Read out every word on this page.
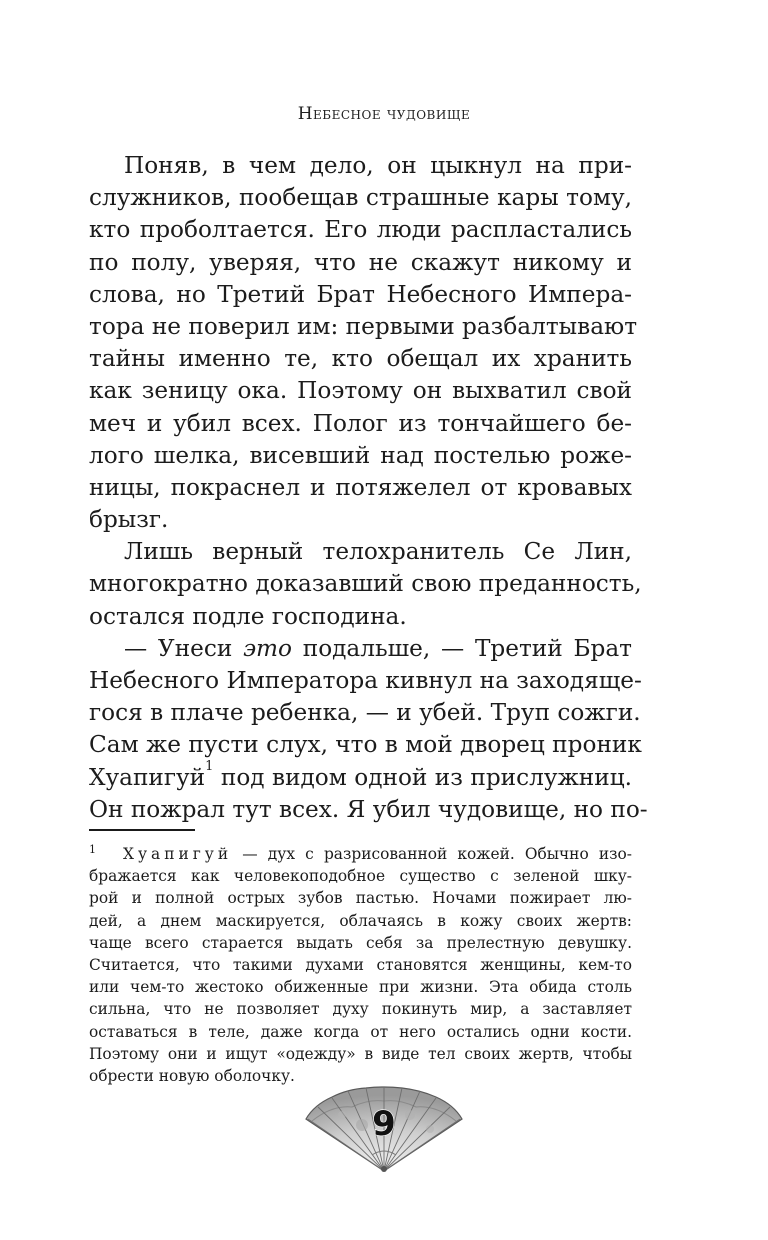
Небесное чудовище
Поняв, в чем дело, он цыкнул на при-
служников, пообещав страшные кары тому,
кто проболтается. Его люди распластались
по полу, уверяя, что не скажут никому и
слова, но Третий Брат Небесного Импера-
тора не поверил им: первыми разбалтывают
тайны именно те, кто обещал их хранить
как зеницу ока. Поэтому он выхватил свой
меч и убил всех. Полог из тончайшего бе-
лого шелка, висевший над постелью роже-
ницы, покраснел и потяжелел от кровавых
брызг.
Лишь верный телохранитель Се Лин,
многократно доказавший свою преданность,
остался подле господина.
— Унеси это подальше, — Третий Брат
Небесного Императора кивнул на заходяще-
гося в плаче ребенка, — и убей. Труп сожги.
Сам же пусти слух, что в мой дворец проник
Хуапигуй$^1$ под видом одной из прислужниц.
Он пожрал тут всех. Я убил чудовище, но по-
1	Хуапигуй — дух с разрисованной кожей. Обычно изо-
бражается как человекоподобное существо с зеленой шку-
рой и полной острых зубов пастью. Ночами пожирает лю-
дей, а днем маскируется, облачаясь в кожу своих жертв:
чаще всего старается выдать себя за прелестную девушку.
Считается, что такими духами становятся женщины, кем-то
или чем-то жестоко обиженные при жизни. Эта обида столь
сильна, что не позволяет духу покинуть мир, а заставляет
оставаться в теле, даже когда от него остались одни кости.
Поэтому они и ищут «одежду» в виде тел своих жертв, чтобы
обрести новую оболочку.
9
